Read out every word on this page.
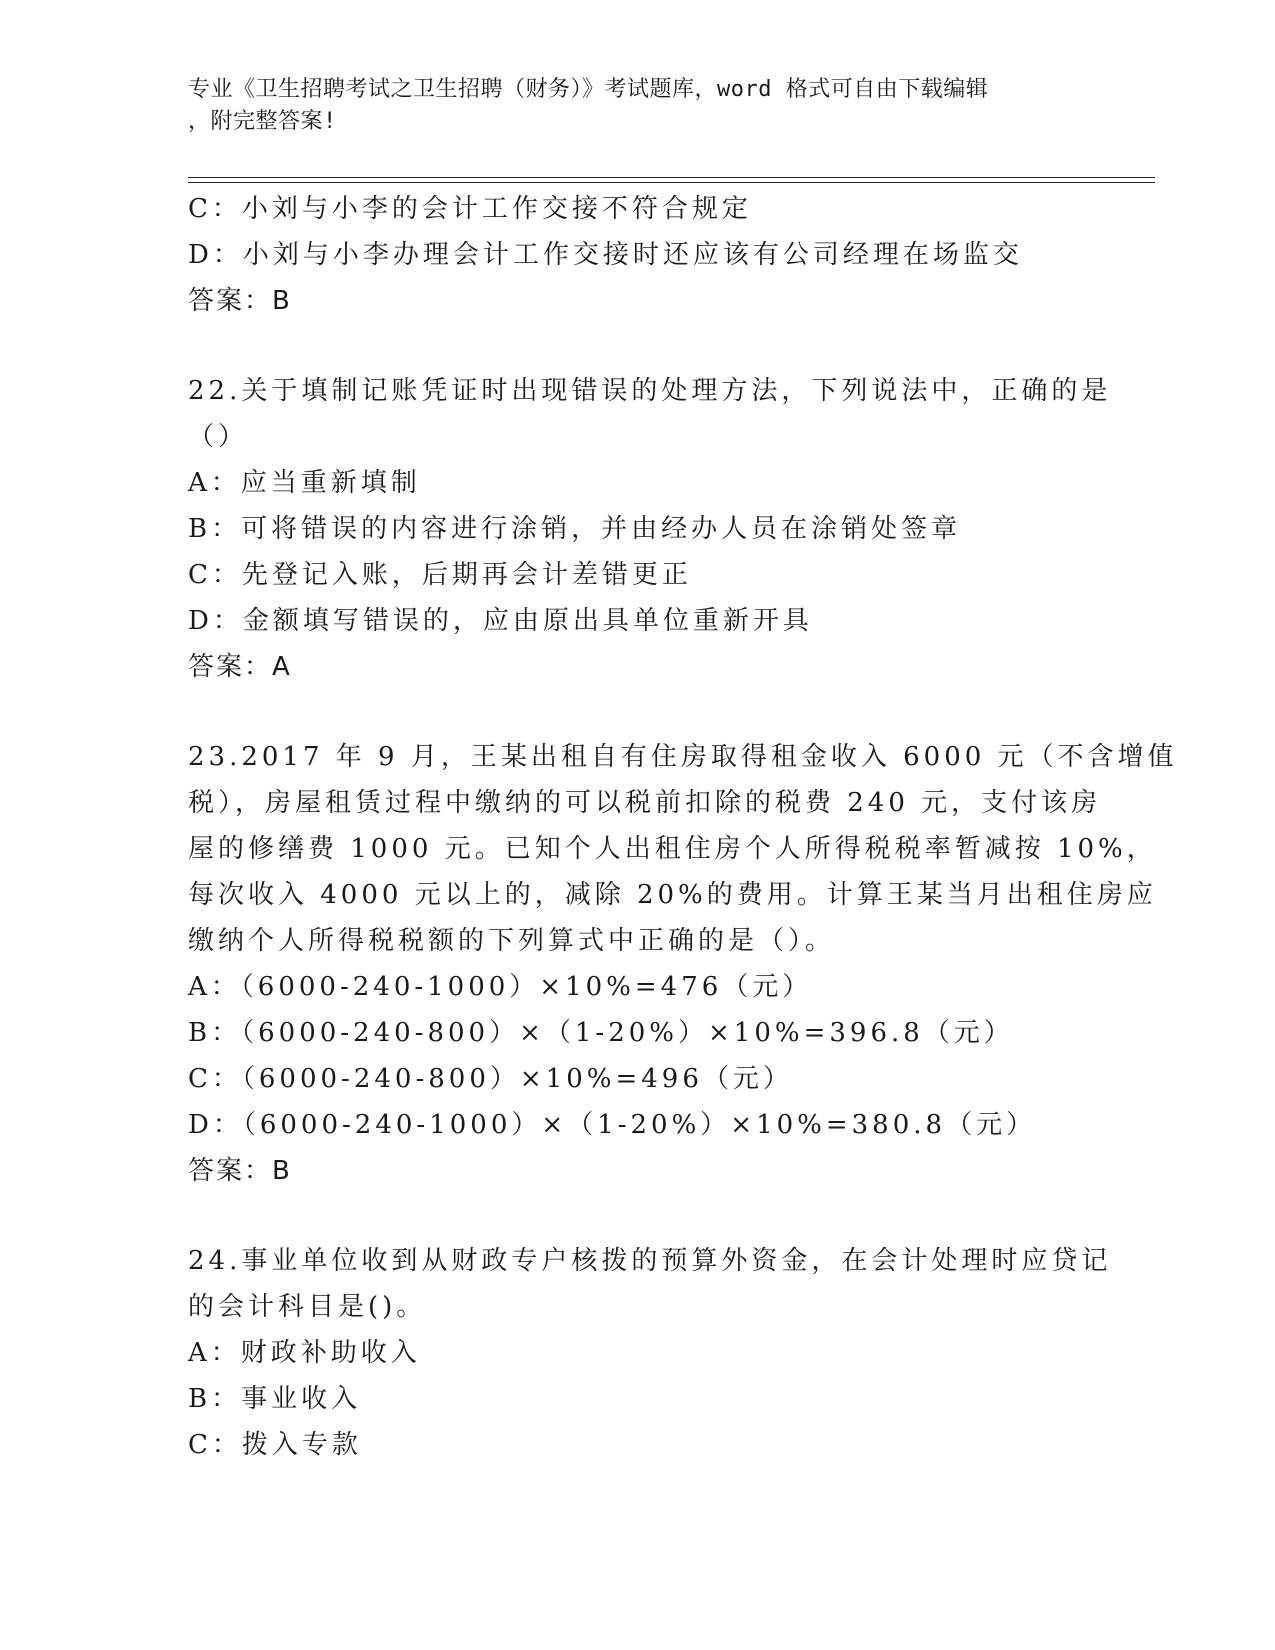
专业《卫生招聘考试之卫生招聘（财务）》考试题库，word 格式可自由下载编辑
，附完整答案!
C：小刘与小李的会计工作交接不符合规定
D：小刘与小李办理会计工作交接时还应该有公司经理在场监交
答案：B
22.关于填制记账凭证时出现错误的处理方法，下列说法中，正确的是
（）
A：应当重新填制
B：可将错误的内容进行涂销，并由经办人员在涂销处签章
C：先登记入账，后期再会计差错更正
D：金额填写错误的，应由原出具单位重新开具
答案：A
23.2017 年 9 月，王某出租自有住房取得租金收入 6000 元（不含增值
税），房屋租赁过程中缴纳的可以税前扣除的税费 240 元，支付该房
屋的修缮费 1000 元。已知个人出租住房个人所得税税率暂减按 10%，
每次收入 4000 元以上的，减除 20%的费用。计算王某当月出租住房应
缴纳个人所得税税额的下列算式中正确的是（）。
A：（6000-240-1000）×10%=476（元）
B：（6000-240-800）×（1-20%）×10%=396.8（元）
C：（6000-240-800）×10%=496（元）
D：（6000-240-1000）×（1-20%）×10%=380.8（元）
答案：B
24.事业单位收到从财政专户核拨的预算外资金，在会计处理时应贷记
的会计科目是()。
A：财政补助收入
B：事业收入
C：拨入专款
